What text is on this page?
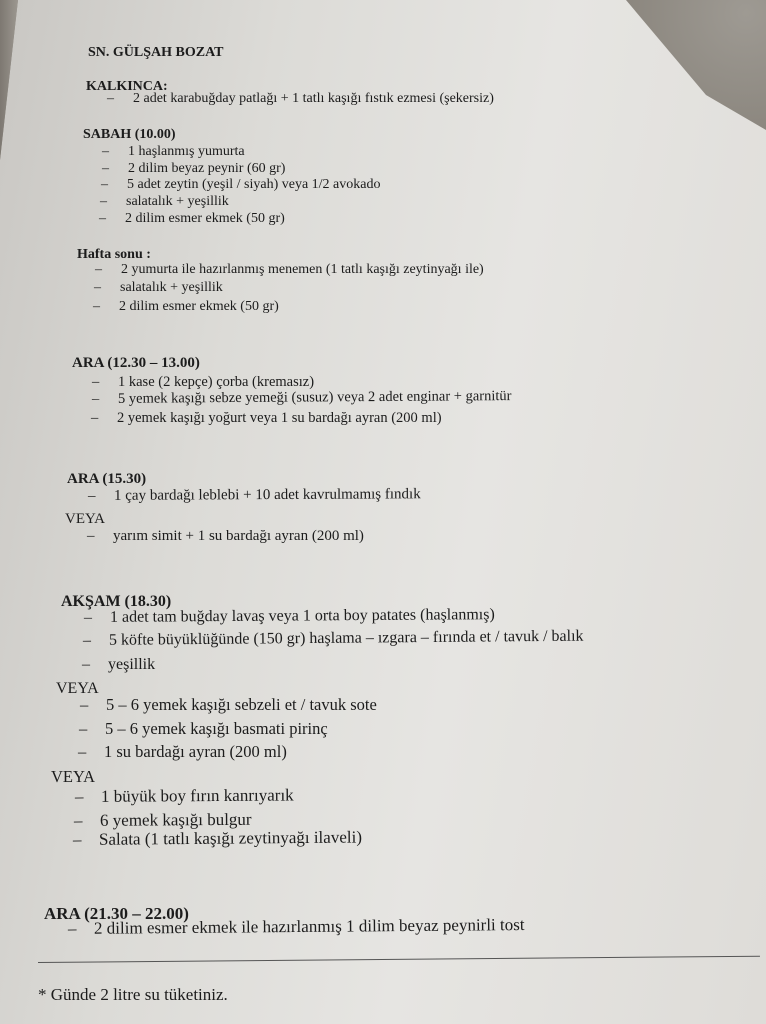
SN. GÜLŞAH BOZAT
KALKINCA:
– 2 adet karabuğday patlağı + 1 tatlı kaşığı fıstık ezmesi (şekersiz)
SABAH (10.00)
– 1 haşlanmış yumurta
– 2 dilim beyaz peynir (60 gr)
– 5 adet zeytin (yeşil / siyah) veya 1/2 avokado
– salatalık + yeşillik
– 2 dilim esmer ekmek (50 gr)
Hafta sonu :
– 2 yumurta ile hazırlanmış menemen (1 tatlı kaşığı zeytinyağı ile)
– salatalık + yeşillik
– 2 dilim esmer ekmek (50 gr)
ARA (12.30 – 13.00)
– 1 kase (2 kepçe) çorba (kremasız)
– 5 yemek kaşığı sebze yemeği (susuz) veya 2 adet enginar + garnitür
– 2 yemek kaşığı yoğurt veya 1 su bardağı ayran (200 ml)
ARA (15.30)
– 1 çay bardağı leblebi + 10 adet kavrulmamış fındık
VEYA
– yarım simit + 1 su bardağı ayran (200 ml)
AKŞAM (18.30)
– 1 adet tam buğday lavaş veya 1 orta boy patates (haşlanmış)
– 5 köfte büyüklüğünde (150 gr) haşlama – ızgara – fırında et / tavuk / balık
– yeşillik
VEYA
– 5 – 6 yemek kaşığı sebzeli et / tavuk sote
– 5 – 6 yemek kaşığı basmati pirinç
– 1 su bardağı ayran (200 ml)
VEYA
– 1 büyük boy fırın kanrıyarık
– 6 yemek kaşığı bulgur
– Salata (1 tatlı kaşığı zeytinyağı ilaveli)
ARA (21.30 – 22.00)
– 2 dilim esmer ekmek ile hazırlanmış 1 dilim beyaz peynirli tost
* Günde 2 litre su tüketiniz.
